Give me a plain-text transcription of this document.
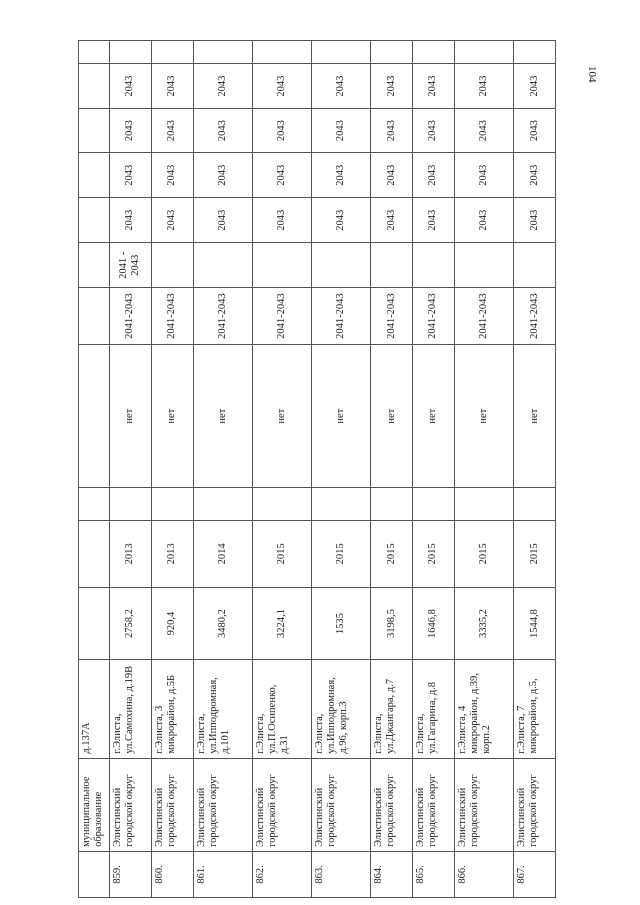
104
	муниципальное образование	д.137А											
859.	Элистинский городской округ	г.Элиста, ул.Самохина, д.19В	2758,2	2013		нет	2041-2043	2041 - 2043	2043	2043	2043	2043	
860.	Элистинский городской округ	г.Элиста, 3 микрорайон, д.5Б	920,4	2013		нет	2041-2043		2043	2043	2043	2043	
861.	Элистинский городской округ	г.Элиста, ул.Ипподромная, д.101	3480,2	2014		нет	2041-2043		2043	2043	2043	2043	
862.	Элистинский городской округ	г.Элиста, ул.П.Осипенко, д.31	3224,1	2015		нет	2041-2043		2043	2043	2043	2043	
863.	Элистинский городской округ	г.Элиста, ул.Ипподромная, д.96, корп.3	1535	2015		нет	2041-2043		2043	2043	2043	2043	
864.	Элистинский городской округ	г.Элиста, ул.Джангара, д.7	3198,5	2015		нет	2041-2043		2043	2043	2043	2043	
865.	Элистинский городской округ	г.Элиста, ул.Гагарина, д.8	1646,8	2015		нет	2041-2043		2043	2043	2043	2043	
866.	Элистинский городской округ	г.Элиста, 4 микрорайон, д.39, корп.2	3335,2	2015		нет	2041-2043		2043	2043	2043	2043	
867.	Элистинский городской округ	г.Элиста, 7 микрорайон, д.5,	1544,8	2015		нет	2041-2043		2043	2043	2043	2043	
